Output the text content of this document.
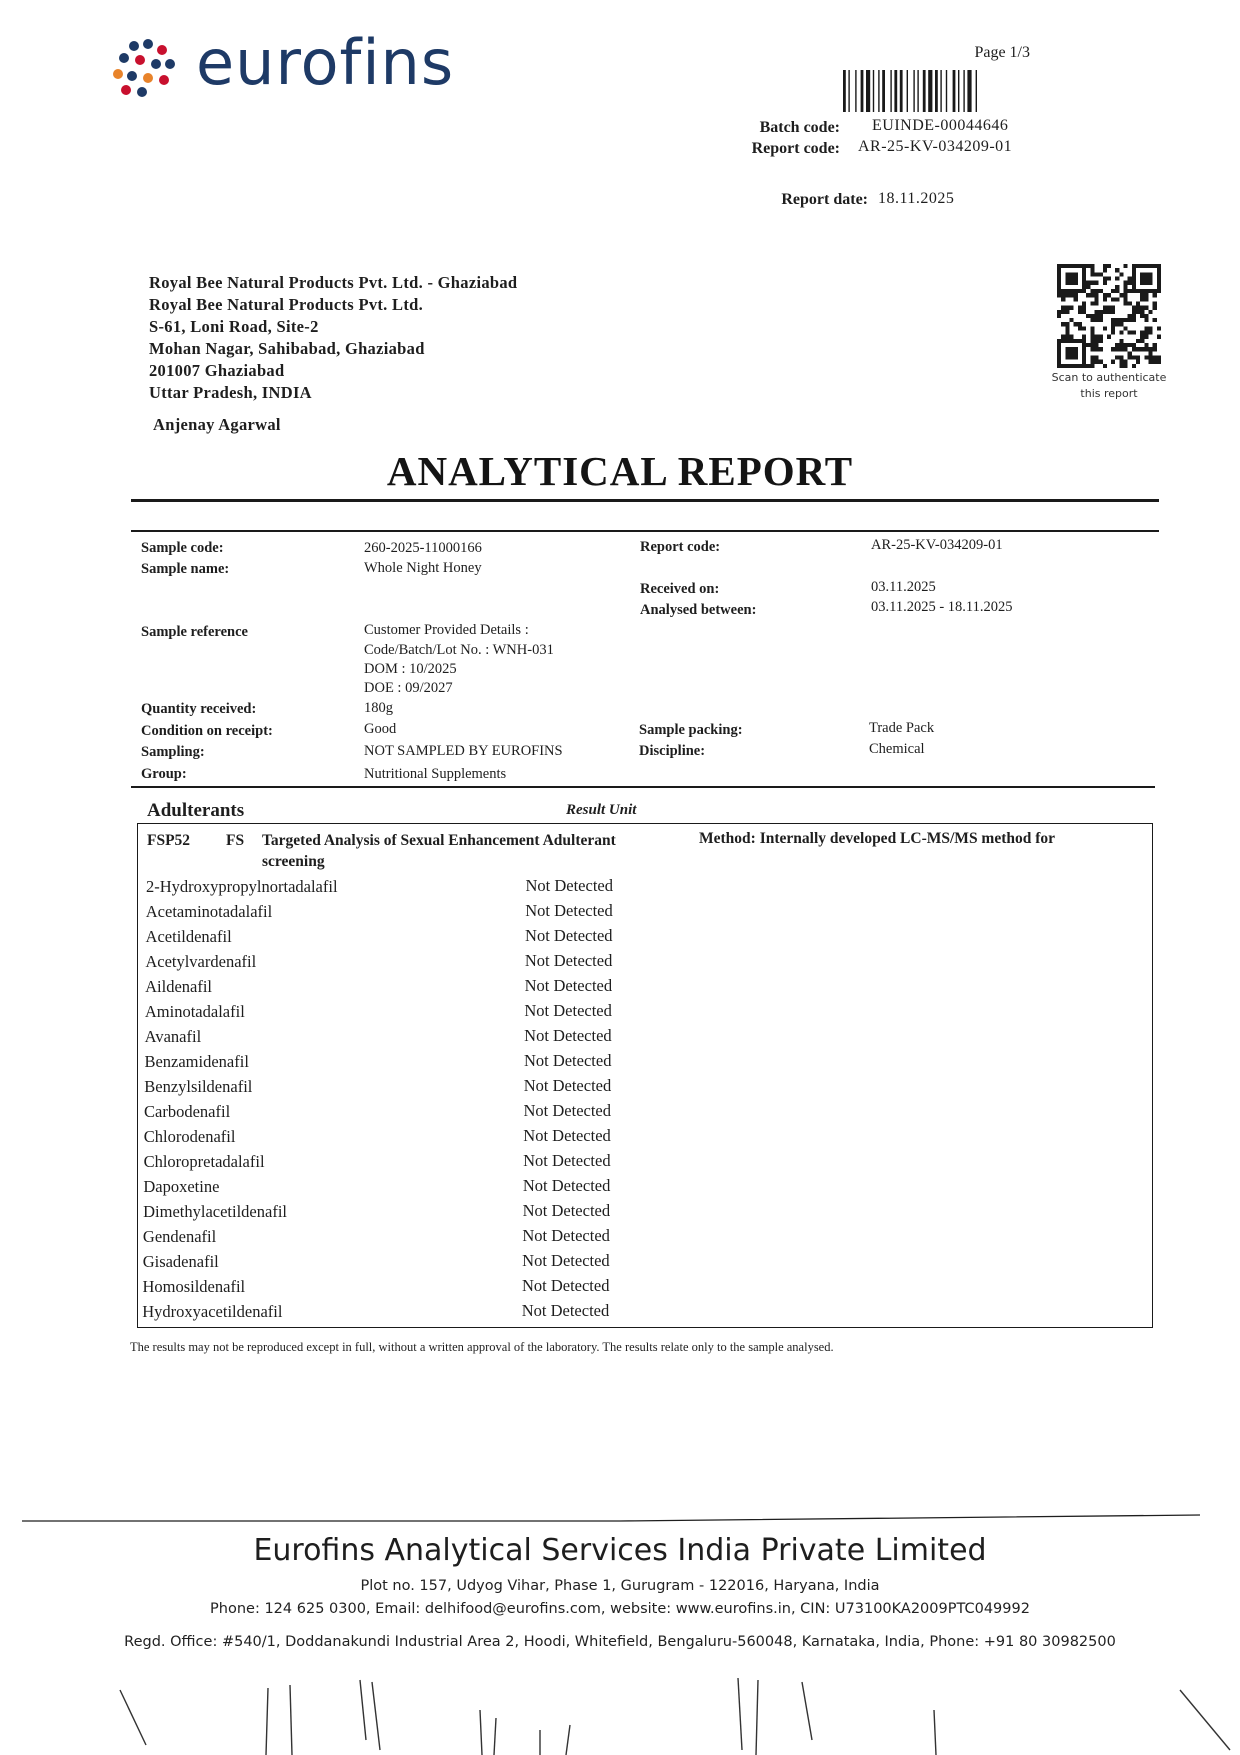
eurofins	Page 1/3
Batch code: EUINDE-00044646
Report code: AR-25-KV-034209-01
Report date: 18.11.2025
Royal Bee Natural Products Pvt. Ltd. - Ghaziabad
Royal Bee Natural Products Pvt. Ltd.
S-61, Loni Road, Site-2
Mohan Nagar, Sahibabad, Ghaziabad
201007 Ghaziabad
Uttar Pradesh, INDIA
Anjenay Agarwal
Scan to authenticate
this report
ANALYTICAL REPORT
Sample code:	260-2025-11000166
Sample name:	Whole Night Honey
Report code:	AR-25-KV-034209-01
Received on:	03.11.2025
Analysed between:	03.11.2025 - 18.11.2025
Sample reference	Customer Provided Details :
Code/Batch/Lot No. : WNH-031
DOM : 10/2025
DOE : 09/2027
Quantity received:	180g
Condition on receipt:	Good
Sampling:	NOT SAMPLED BY EUROFINS
Group:	Nutritional Supplements
Sample packing:	Trade Pack
Discipline:	Chemical
Adulterants	Result Unit
FSP52 FS Targeted Analysis of Sexual Enhancement Adulterant
screening
Method: Internally developed LC-MS/MS method for
2-Hydroxypropylnortadalafil	Not Detected
Acetaminotadalafil	Not Detected
Acetildenafil	Not Detected
Acetylvardenafil	Not Detected
Aildenafil	Not Detected
Aminotadalafil	Not Detected
Avanafil	Not Detected
Benzamidenafil	Not Detected
Benzylsildenafil	Not Detected
Carbodenafil	Not Detected
Chlorodenafil	Not Detected
Chloropretadalafil	Not Detected
Dapoxetine	Not Detected
Dimethylacetildenafil	Not Detected
Gendenafil	Not Detected
Gisadenafil	Not Detected
Homosildenafil	Not Detected
Hydroxyacetildenafil	Not Detected
The results may not be reproduced except in full, without a written approval of the laboratory. The results relate only to the sample analysed.
Eurofins Analytical Services India Private Limited
Plot no. 157, Udyog Vihar, Phase 1, Gurugram - 122016, Haryana, India
Phone: 124 625 0300, Email: delhifood@eurofins.com, website: www.eurofins.in, CIN: U73100KA2009PTC049992
Regd. Office: #540/1, Doddanakundi Industrial Area 2, Hoodi, Whitefield, Bengaluru-560048, Karnataka, India, Phone: +91 80 30982500
